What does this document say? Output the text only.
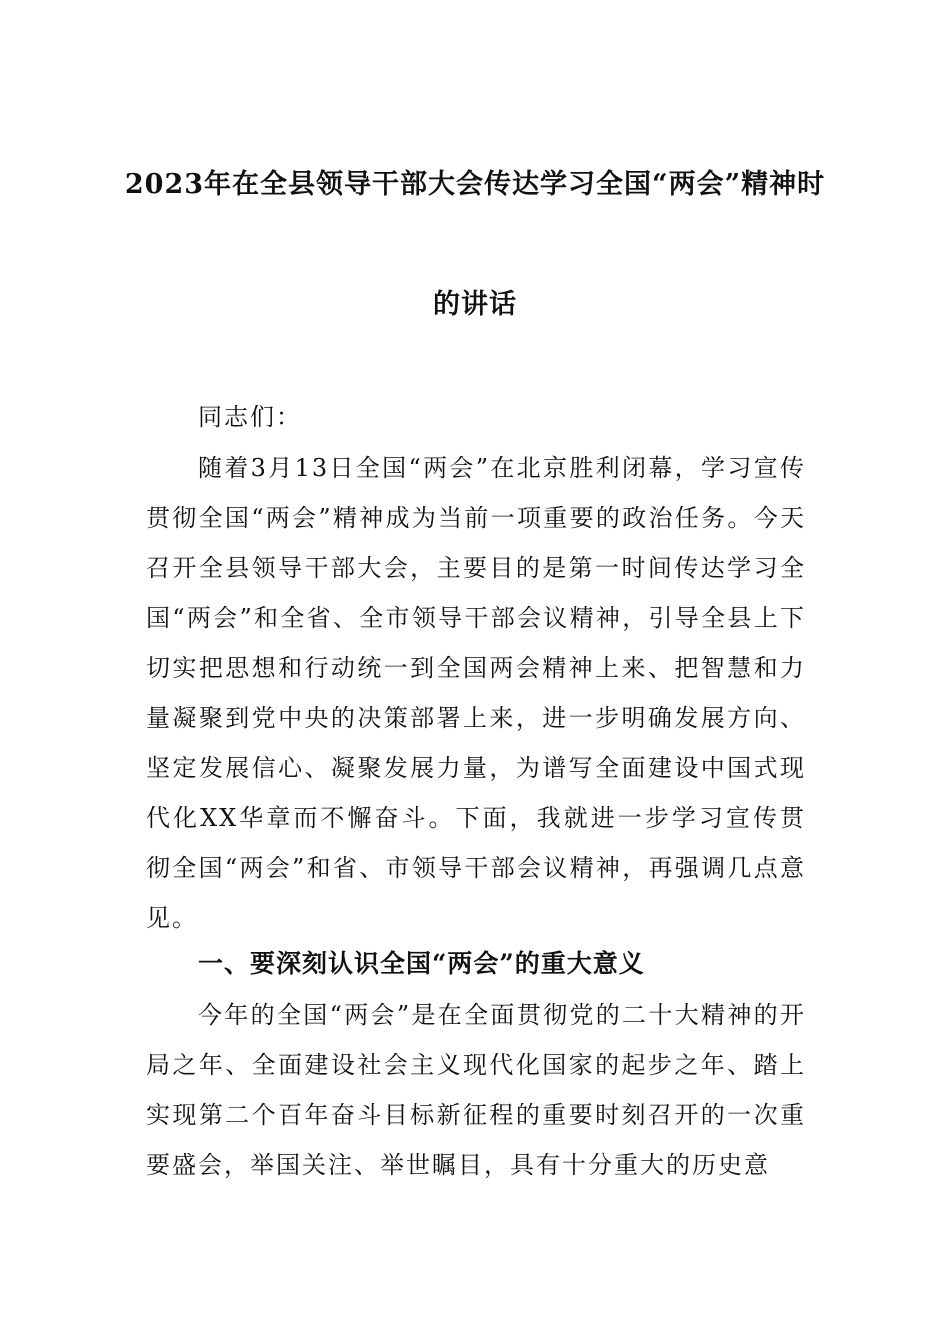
2023年在全县领导干部大会传达学习全国“两会”精神时
的讲话

同志们：

随着3月13日全国“两会”在北京胜利闭幕，学习宣传贯彻全国“两会”精神成为当前一项重要的政治任务。今天召开全县领导干部大会，主要目的是第一时间传达学习全国“两会”和全省、全市领导干部会议精神，引导全县上下切实把思想和行动统一到全国两会精神上来、把智慧和力量凝聚到党中央的决策部署上来，进一步明确发展方向、坚定发展信心、凝聚发展力量，为谱写全面建设中国式现代化XX华章而不懈奋斗。下面，我就进一步学习宣传贯彻全国“两会”和省、市领导干部会议精神，再强调几点意见。

一、要深刻认识全国“两会”的重大意义

今年的全国“两会”是在全面贯彻党的二十大精神的开局之年、全面建设社会主义现代化国家的起步之年、踏上实现第二个百年奋斗目标新征程的重要时刻召开的一次重要盛会，举国关注、举世瞩目，具有十分重大的历史意
